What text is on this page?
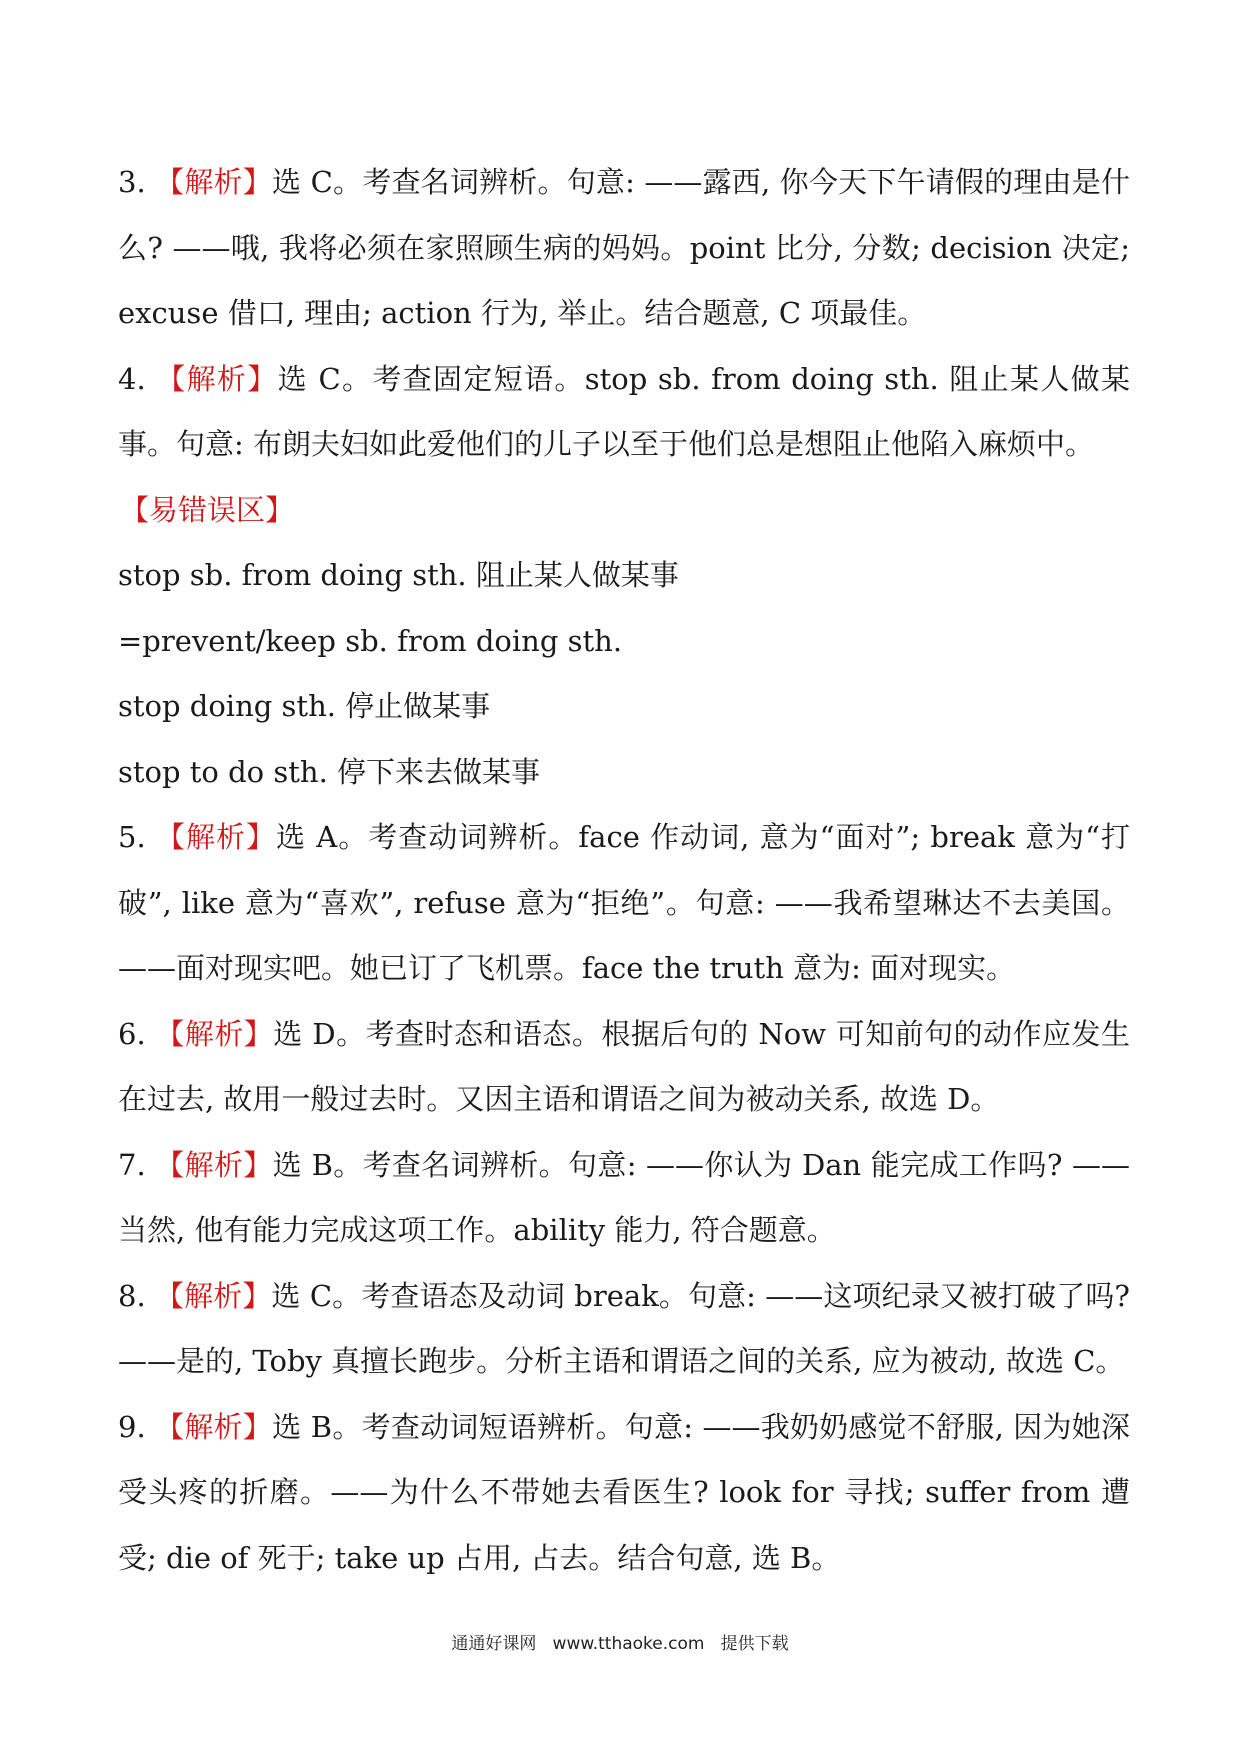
3. 【解析】选 C。考查名词辨析。句意: ——露西, 你今天下午请假的理由是什么? ——哦, 我将必须在家照顾生病的妈妈。point 比分, 分数; decision 决定; excuse 借口, 理由; action 行为, 举止。结合题意, C 项最佳。

4. 【解析】选 C。考查固定短语。stop sb. from doing sth. 阻止某人做某事。句意: 布朗夫妇如此爱他们的儿子以至于他们总是想阻止他陷入麻烦中。

【易错误区】

stop sb. from doing sth. 阻止某人做某事

=prevent/keep sb. from doing sth.

stop doing sth. 停止做某事

stop to do sth. 停下来去做某事

5. 【解析】选 A。考查动词辨析。face 作动词, 意为“面对”; break 意为“打破”, like 意为“喜欢”, refuse 意为“拒绝”。句意: ——我希望琳达不去美国。——面对现实吧。她已订了飞机票。face the truth 意为: 面对现实。

6. 【解析】选 D。考查时态和语态。根据后句的 Now 可知前句的动作应发生在过去, 故用一般过去时。又因主语和谓语之间为被动关系, 故选 D。

7. 【解析】选 B。考查名词辨析。句意: ——你认为 Dan 能完成工作吗? ——当然, 他有能力完成这项工作。ability 能力, 符合题意。

8. 【解析】选 C。考查语态及动词 break。句意: ——这项纪录又被打破了吗? ——是的, Toby 真擅长跑步。分析主语和谓语之间的关系, 应为被动, 故选 C。

9. 【解析】选 B。考查动词短语辨析。句意: ——我奶奶感觉不舒服, 因为她深受头疼的折磨。——为什么不带她去看医生? look for 寻找; suffer from 遭受; die of 死于; take up 占用, 占去。结合句意, 选 B。

通通好课网   www.tthaoke.com   提供下载
